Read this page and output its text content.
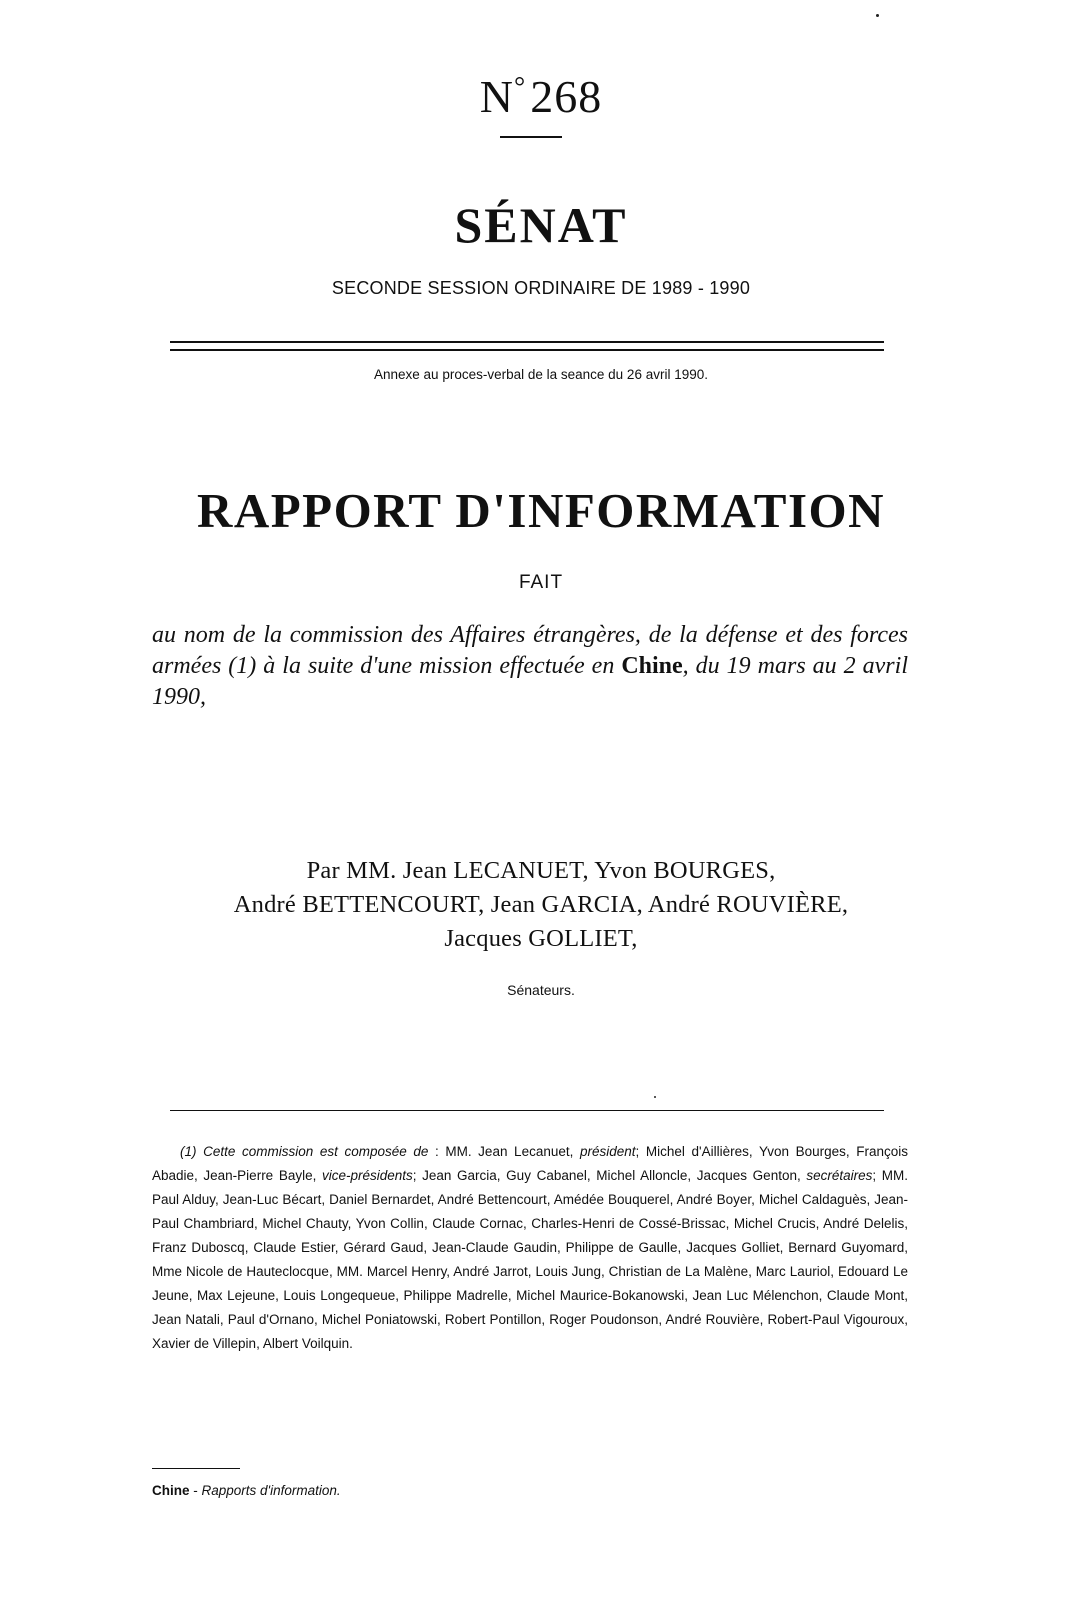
N°268
SÉNAT
SECONDE SESSION ORDINAIRE DE 1989 - 1990
Annexe au proces-verbal de la seance du 26 avril 1990.
RAPPORT D'INFORMATION
FAIT
au nom de la commission des Affaires étrangères, de la défense et des forces armées (1) à la suite d'une mission effectuée en Chine, du 19 mars au 2 avril 1990,
Par MM. Jean LECANUET, Yvon BOURGES,
André BETTENCOURT, Jean GARCIA, André ROUVIÈRE,
Jacques GOLLIET,
Sénateurs.
(1) Cette commission est composée de : MM. Jean Lecanuet, président; Michel d'Aillières, Yvon Bourges, François Abadie, Jean-Pierre Bayle, vice-présidents; Jean Garcia, Guy Cabanel, Michel Alloncle, Jacques Genton, secrétaires; MM. Paul Alduy, Jean-Luc Bécart, Daniel Bernardet, André Bettencourt, Amédée Bouquerel, André Boyer, Michel Caldaguès, Jean-Paul Chambriard, Michel Chauty, Yvon Collin, Claude Cornac, Charles-Henri de Cossé-Brissac, Michel Crucis, André Delelis, Franz Duboscq, Claude Estier, Gérard Gaud, Jean-Claude Gaudin, Philippe de Gaulle, Jacques Golliet, Bernard Guyomard, Mme Nicole de Hauteclocque, MM. Marcel Henry, André Jarrot, Louis Jung, Christian de La Malène, Marc Lauriol, Edouard Le Jeune, Max Lejeune, Louis Longequeue, Philippe Madrelle, Michel Maurice-Bokanowski, Jean Luc Mélenchon, Claude Mont, Jean Natali, Paul d'Ornano, Michel Poniatowski, Robert Pontillon, Roger Poudonson, André Rouvière, Robert-Paul Vigouroux, Xavier de Villepin, Albert Voilquin.
Chine - Rapports d'information.
